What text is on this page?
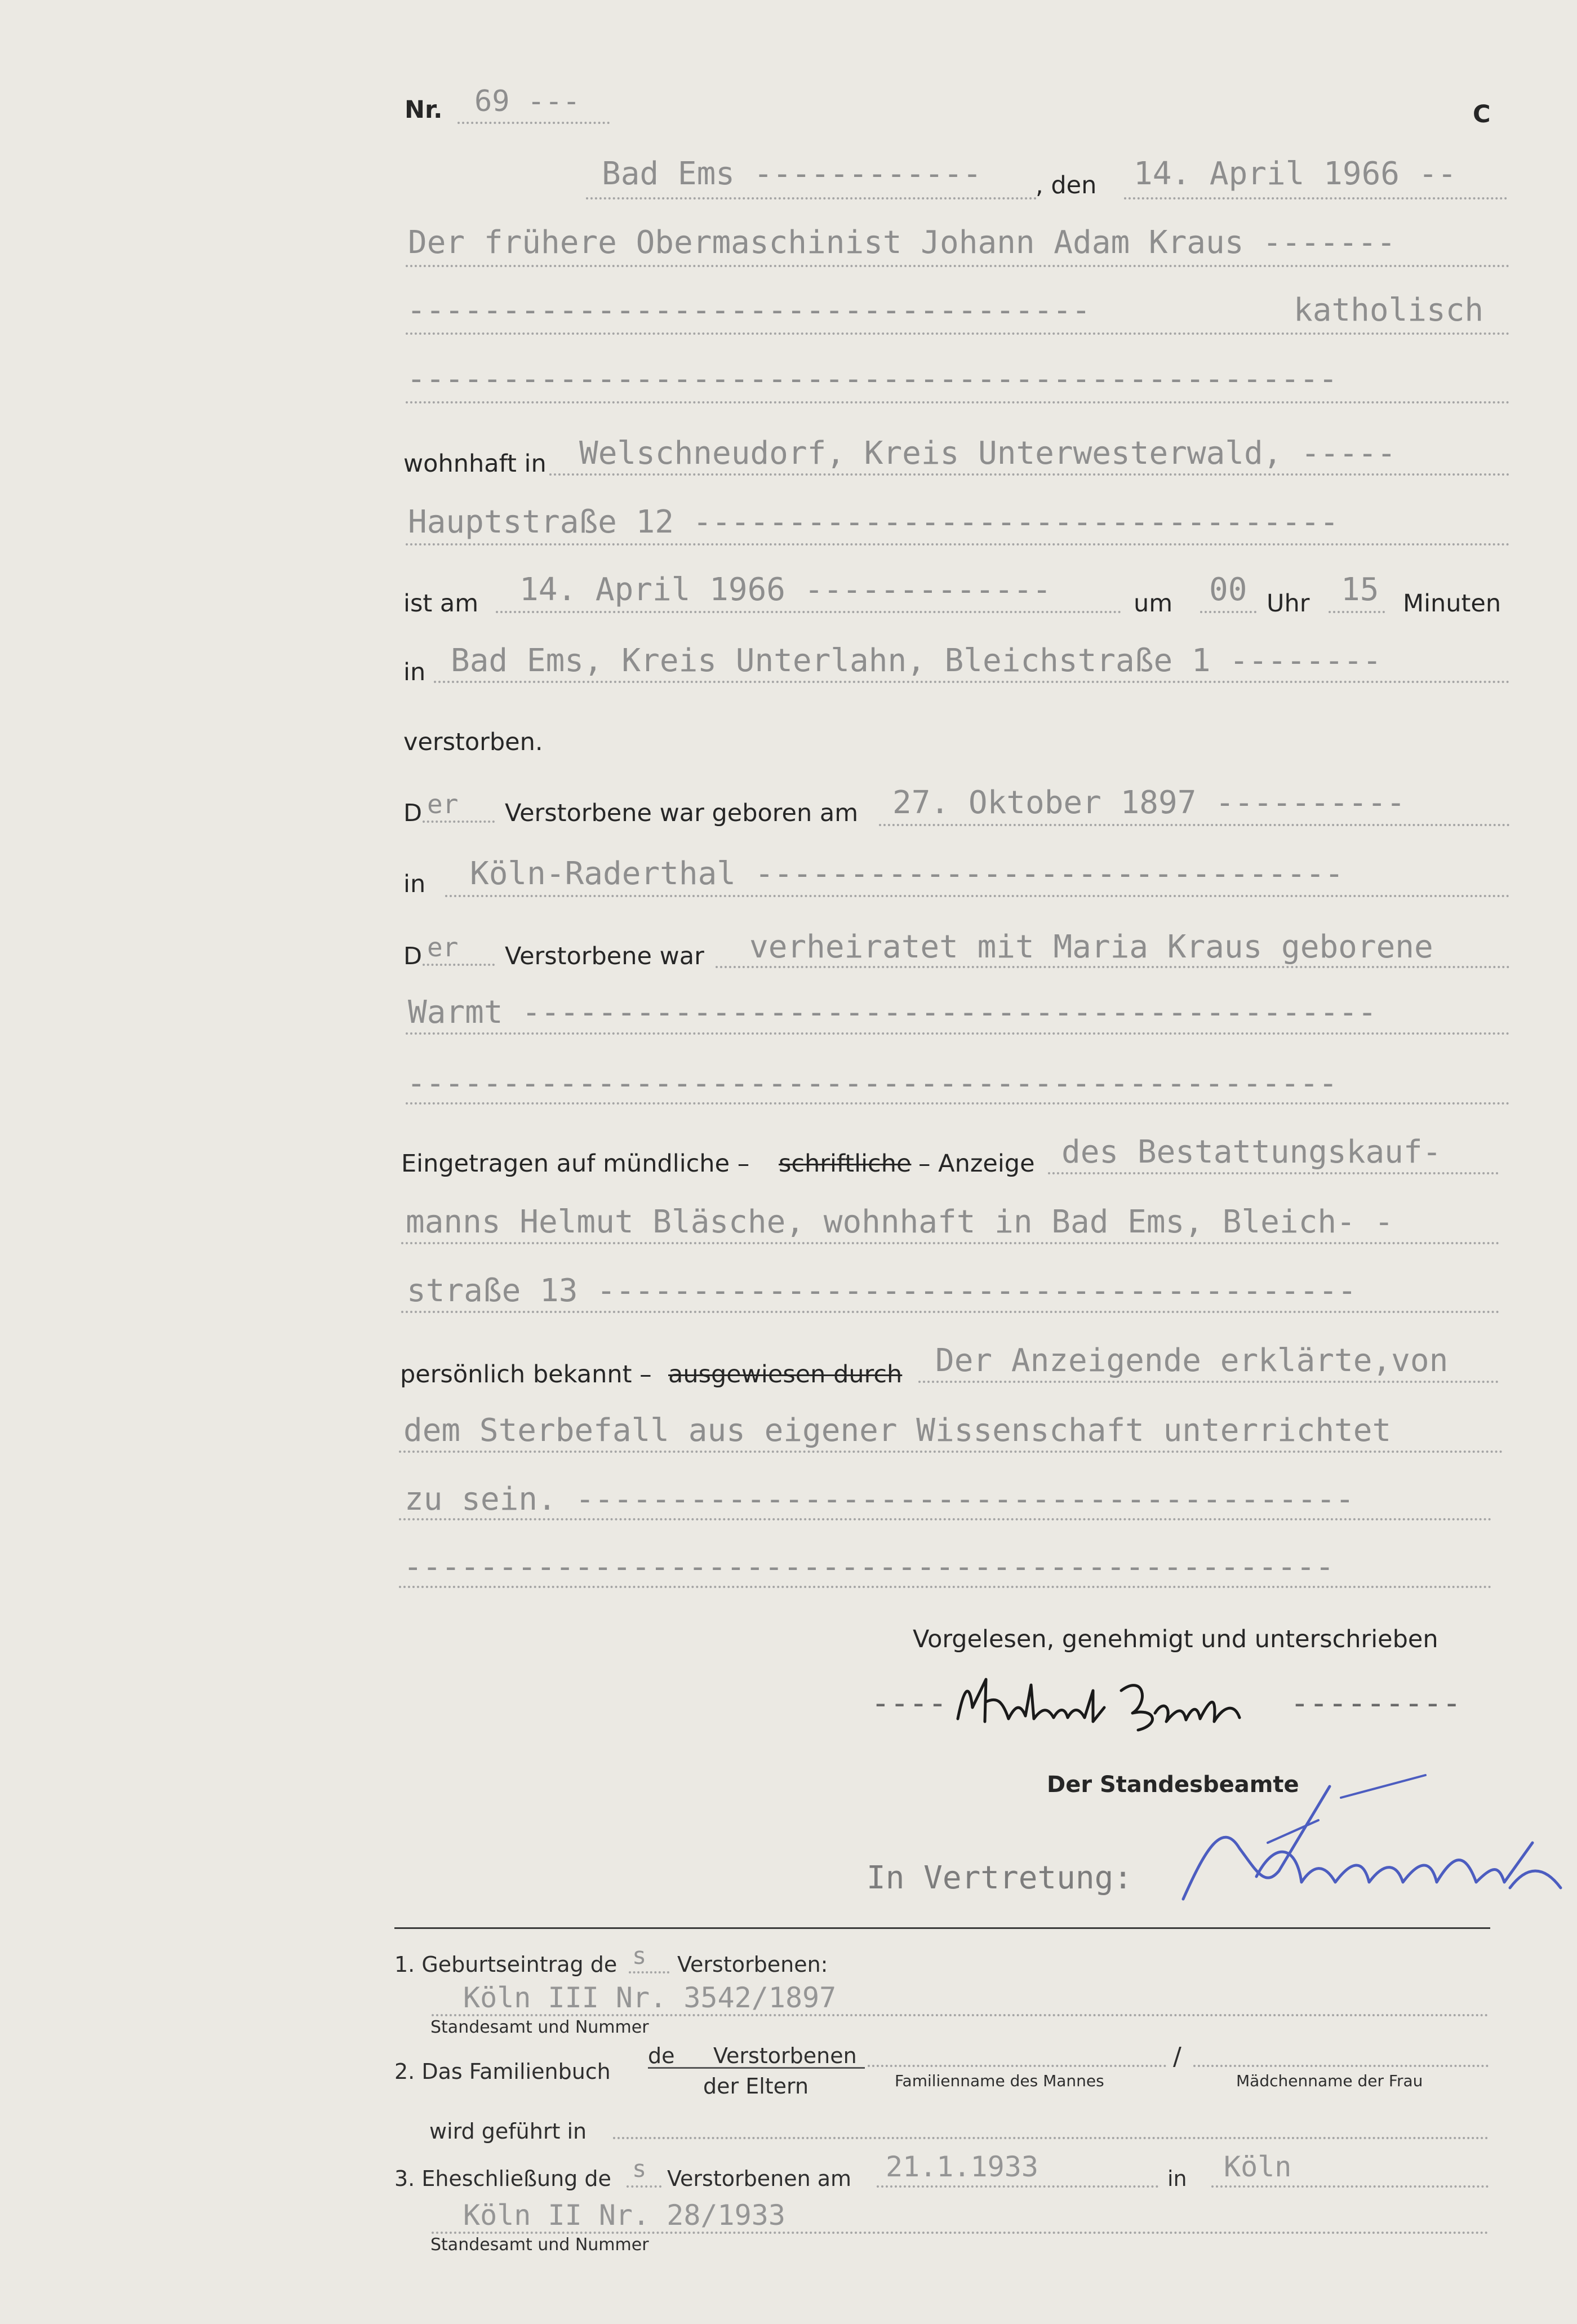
Nr. 69 ---	C
Bad Ems ------------ , den 14. April 1966 --
Der frühere Obermaschinist Johann Adam Kraus -------
------------------------------------	katholisch
-------------------------------------------------
wohnhaft in Welschneudorf, Kreis Unterwesterwald, -----
Hauptstraße 12 ----------------------------------
ist am 14. April 1966 -------------	um 00 Uhr 15 Minuten
in Bad Ems, Kreis Unterlahn, Bleichstraße 1 --------
verstorben.
D er Verstorbene war geboren am 27. Oktober 1897 ----------
in Köln-Raderthal -------------------------------
D er Verstorbene war verheiratet mit Maria Kraus geborene
Warmt ---------------------------------------------
-------------------------------------------------
Eingetragen auf mündliche – schriftliche – Anzeige des Bestattungskauf-
manns Helmut Bläsche, wohnhaft in Bad Ems, Bleich- -
straße 13 ----------------------------------------
persönlich bekannt – ausgewiesen durch Der Anzeigende erklärte,von
dem Sterbefall aus eigener Wissenschaft unterrichtet
zu sein. -----------------------------------------
-------------------------------------------------
Vorgelesen, genehmigt und unterschrieben
----	---------
Helmut Bläsche
Der Standesbeamte
In Vertretung:
Küssing
1. Geburtseintrag de s Verstorbenen:
Köln III Nr. 3542/1897
Standesamt und Nummer
2. Das Familienbuch
de Verstorbenen
der Eltern
/
Familienname des Mannes	Mädchenname der Frau
wird geführt in
3. Eheschließung de s Verstorbenen am 21.1.1933	in Köln
Köln II Nr. 28/1933
Standesamt und Nummer
